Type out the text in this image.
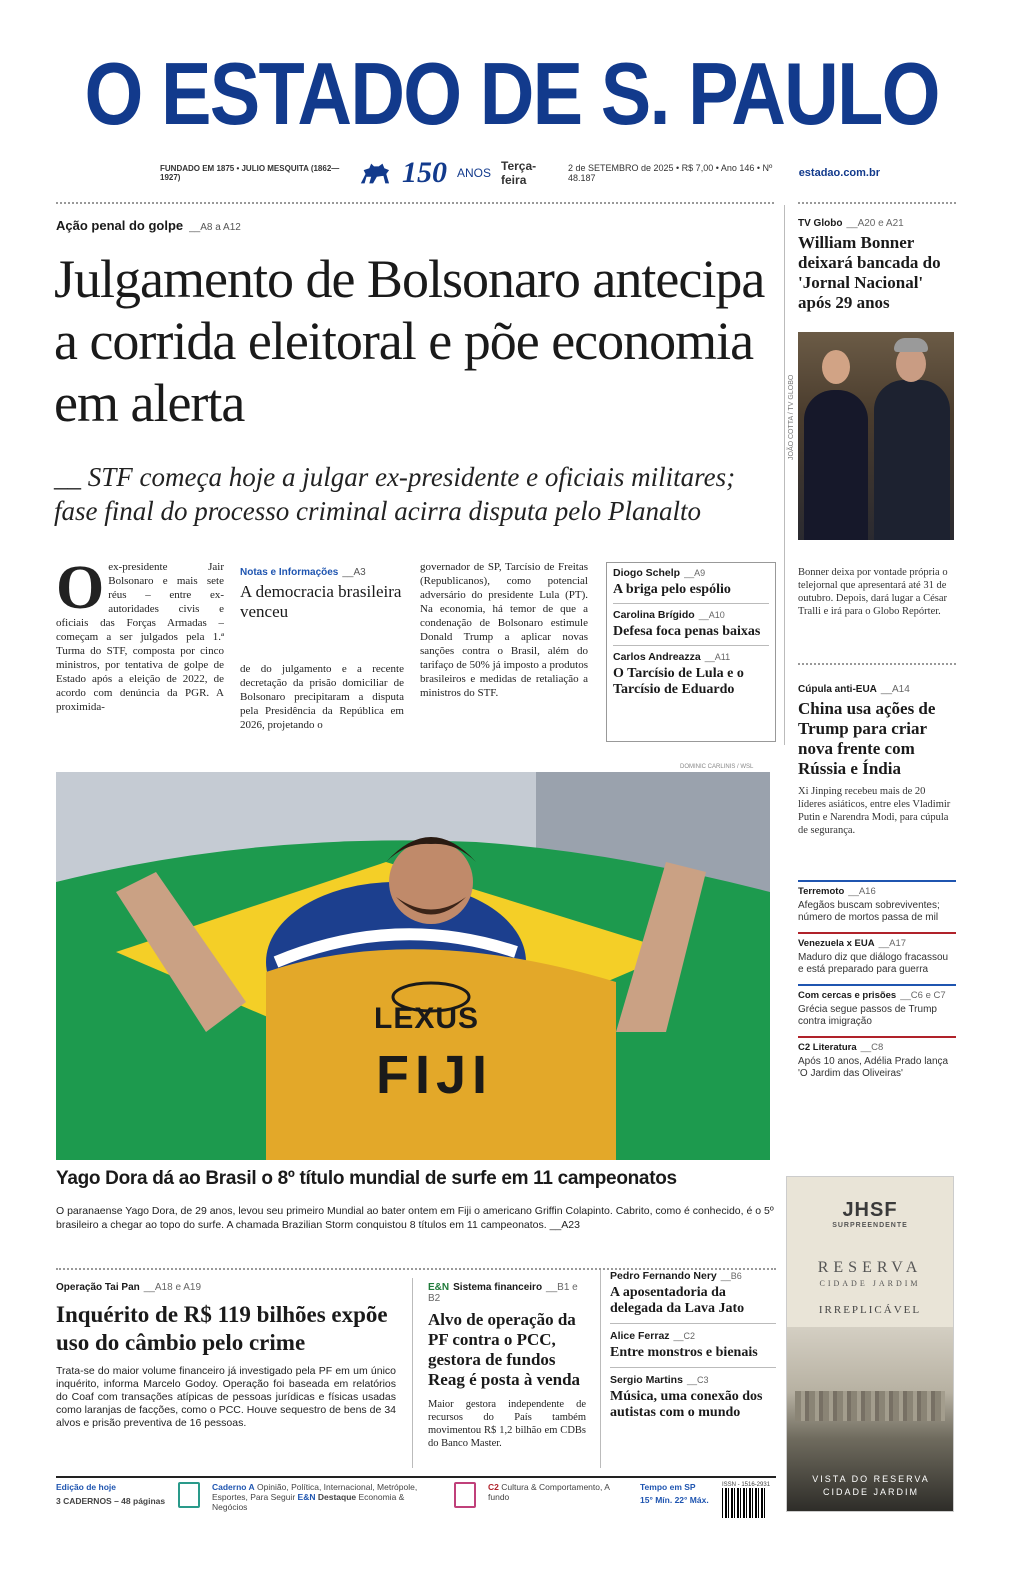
O ESTADO DE S. PAULO
FUNDADO EM 1875 • JULIO MESQUITA (1862—1927)	150 ANOS Terça-feira
2 de SETEMBRO de 2025 • R$ 7,00 • Ano 146 • Nº 48.187	estadao.com.br
Ação penal do golpe __A8 a A12
Julgamento de Bolsonaro antecipa a corrida eleitoral e põe economia em alerta
__ STF começa hoje a julgar ex-presidente e oficiais militares; fase final do processo criminal acirra disputa pelo Planalto
O ex-presidente Jair Bolsonaro e mais sete réus – entre ex-autoridades civis e oficiais das Forças Armadas – começam a ser julgados pela 1.ª Turma do STF, composta por cinco ministros, por tentativa de golpe de Estado após a eleição de 2022, de acordo com denúncia da PGR. A proximida-
Notas e Informações __A3
A democracia brasileira venceu
de do julgamento e a recente decretação da prisão domiciliar de Bolsonaro precipitaram a disputa pela Presidência da República em 2026, projetando o
governador de SP, Tarcísio de Freitas (Republicanos), como potencial adversário do presidente Lula (PT). Na economia, há temor de que a condenação de Bolsonaro estimule Donald Trump a aplicar novas sanções contra o Brasil, além do tarifaço de 50% já imposto a produtos brasileiros e medidas de retaliação a ministros do STF.
Diogo Schelp __A9
A briga pelo espólio
Carolina Brígido __A10
Defesa foca penas baixas
Carlos Andreazza __A11
O Tarcísio de Lula e o Tarcísio de Eduardo
TV Globo __A20 e A21
William Bonner deixará bancada do 'Jornal Nacional' após 29 anos
JOÃO COTTA / TV GLOBO
Bonner deixa por vontade própria o telejornal que apresentará até 31 de outubro. Depois, dará lugar a César Tralli e irá para o Globo Repórter.
Cúpula anti-EUA __A14
China usa ações de Trump para criar nova frente com Rússia e Índia
Xi Jinping recebeu mais de 20 líderes asiáticos, entre eles Vladimir Putin e Narendra Modi, para cúpula de segurança.
Terremoto __A16
Afegãos buscam sobreviventes; número de mortos passa de mil
Venezuela x EUA __A17
Maduro diz que diálogo fracassou e está preparado para guerra
Com cercas e prisões __C6 e C7
Grécia segue passos de Trump contra imigração
C2 Literatura __C8
Após 10 anos, Adélia Prado lança 'O Jardim das Oliveiras'
DOMINIC CARLINIS / WSL
LEXUS
FIJI
Yago Dora dá ao Brasil o 8º título mundial de surfe em 11 campeonatos
O paranaense Yago Dora, de 29 anos, levou seu primeiro Mundial ao bater ontem em Fiji o americano Griffin Colapinto. Cabrito, como é conhecido, é o 5º brasileiro a chegar ao topo do surfe. A chamada Brazilian Storm conquistou 8 títulos em 11 campeonatos. __A23
Operação Tai Pan __A18 e A19
Inquérito de R$ 119 bilhões expõe uso do câmbio pelo crime
Trata-se do maior volume financeiro já investigado pela PF em um único inquérito, informa Marcelo Godoy. Operação foi baseada em relatórios do Coaf com transações atípicas de pessoas jurídicas e físicas usadas como laranjas de facções, como o PCC. Houve sequestro de bens de 34 alvos e prisão preventiva de 16 pessoas.
E&N Sistema financeiro __B1 e B2
Alvo de operação da PF contra o PCC, gestora de fundos Reag é posta à venda
Maior gestora independente de recursos do País também movimentou R$ 1,2 bilhão em CDBs do Banco Master.
Pedro Fernando Nery __B6
A aposentadoria da delegada da Lava Jato
Alice Ferraz __C2
Entre monstros e bienais
Sergio Martins __C3
Música, uma conexão dos autistas com o mundo
JHSF
SURPREENDENTE
RESERVA
CIDADE JARDIM
IRREPLICÁVEL
VISTA DO RESERVA
CIDADE JARDIM
Edição de hoje
3 CADERNOS – 48 páginas
Caderno A Opinião, Política, Internacional, Metrópole, Esportes, Para Seguir E&N Destaque Economia & Negócios
C2 Cultura & Comportamento, A fundo
Tempo em SP
15° Mín. 22° Máx.
ISSN - 1516-2931
